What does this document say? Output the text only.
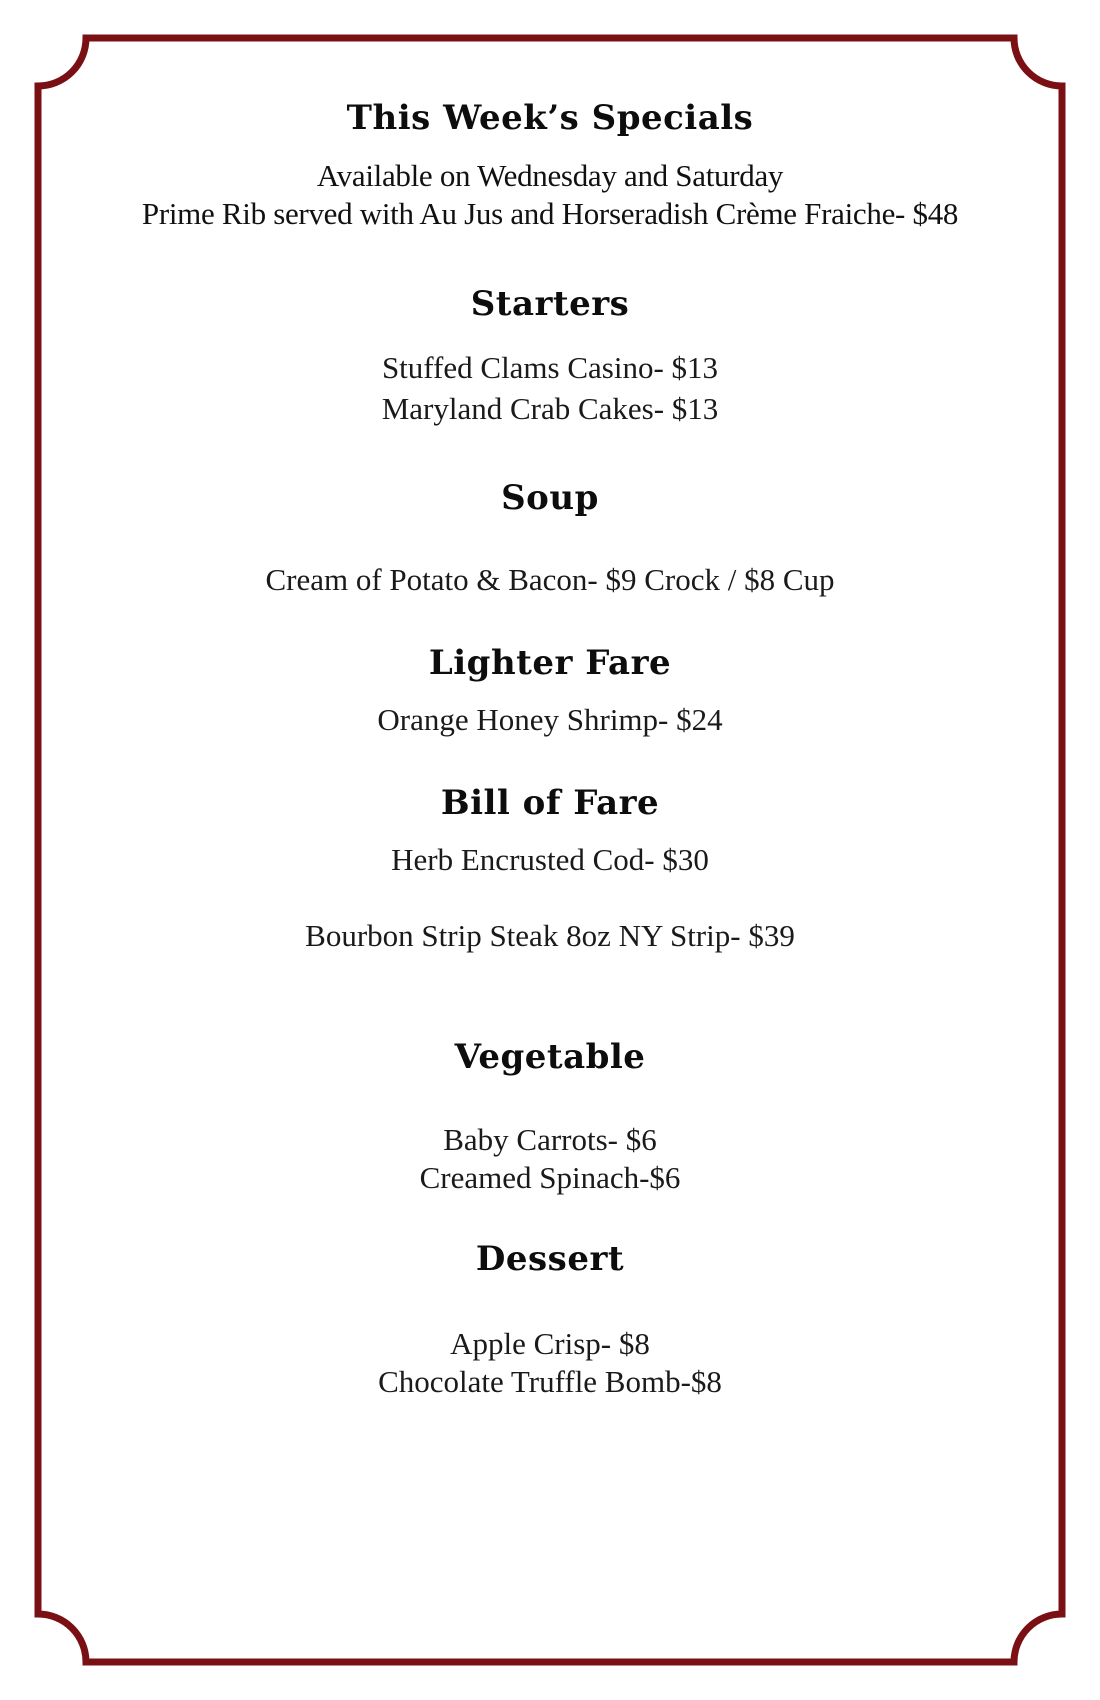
This Week’s Specials
Available on Wednesday and Saturday
Prime Rib served with Au Jus and Horseradish Crème Fraiche- $48
Starters
Stuffed Clams Casino- $13
Maryland Crab Cakes- $13
Soup
Cream of Potato & Bacon- $9 Crock / $8 Cup
Lighter Fare
Orange Honey Shrimp- $24
Bill of Fare
Herb Encrusted Cod- $30
Bourbon Strip Steak 8oz NY Strip- $39
Vegetable
Baby Carrots- $6
Creamed Spinach-$6
Dessert
Apple Crisp- $8
Chocolate Truffle Bomb-$8
